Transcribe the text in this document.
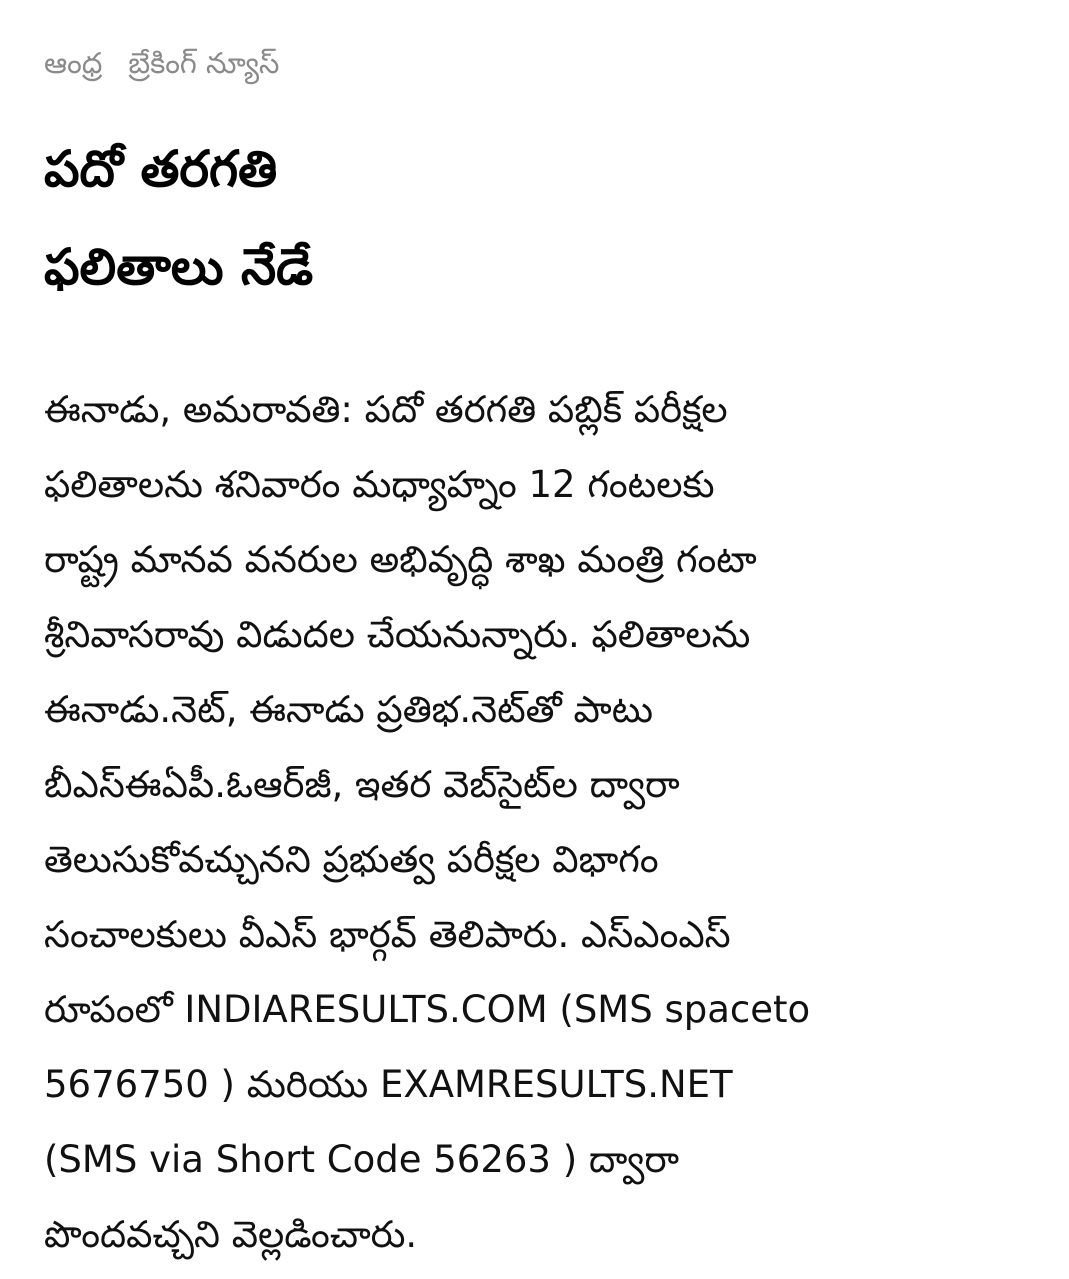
ఆంధ్ర బ్రేకింగ్ న్యూస్
పదో తరగతి
ఫలితాలు నేడే
ఈనాడు, అమరావతి: పదో తరగతి పబ్లిక్ పరీక్షల
ఫలితాలను శనివారం మధ్యాహ్నం 12 గంటలకు
రాష్ట్ర మానవ వనరుల అభివృద్ధి శాఖ మంత్రి గంటా
శ్రీనివాసరావు విడుదల చేయనున్నారు. ఫలితాలను
ఈనాడు.నెట్, ఈనాడు ప్రతిభ.నెట్‌తో పాటు
బీఎస్‌ఈఏపీ.ఓఆర్‌జీ, ఇతర వెబ్‌సైట్‌ల ద్వారా
తెలుసుకోవచ్చునని ప్రభుత్వ పరీక్షల విభాగం
సంచాలకులు వీఎస్ భార్గవ్ తెలిపారు. ఎస్‌ఎంఎస్
రూపంలో INDIARESULTS.COM (SMS spaceto
5676750 ) మరియు EXAMRESULTS.NET
(SMS via Short Code 56263 ) ద్వారా
పొందవచ్చని వెల్లడించారు.
